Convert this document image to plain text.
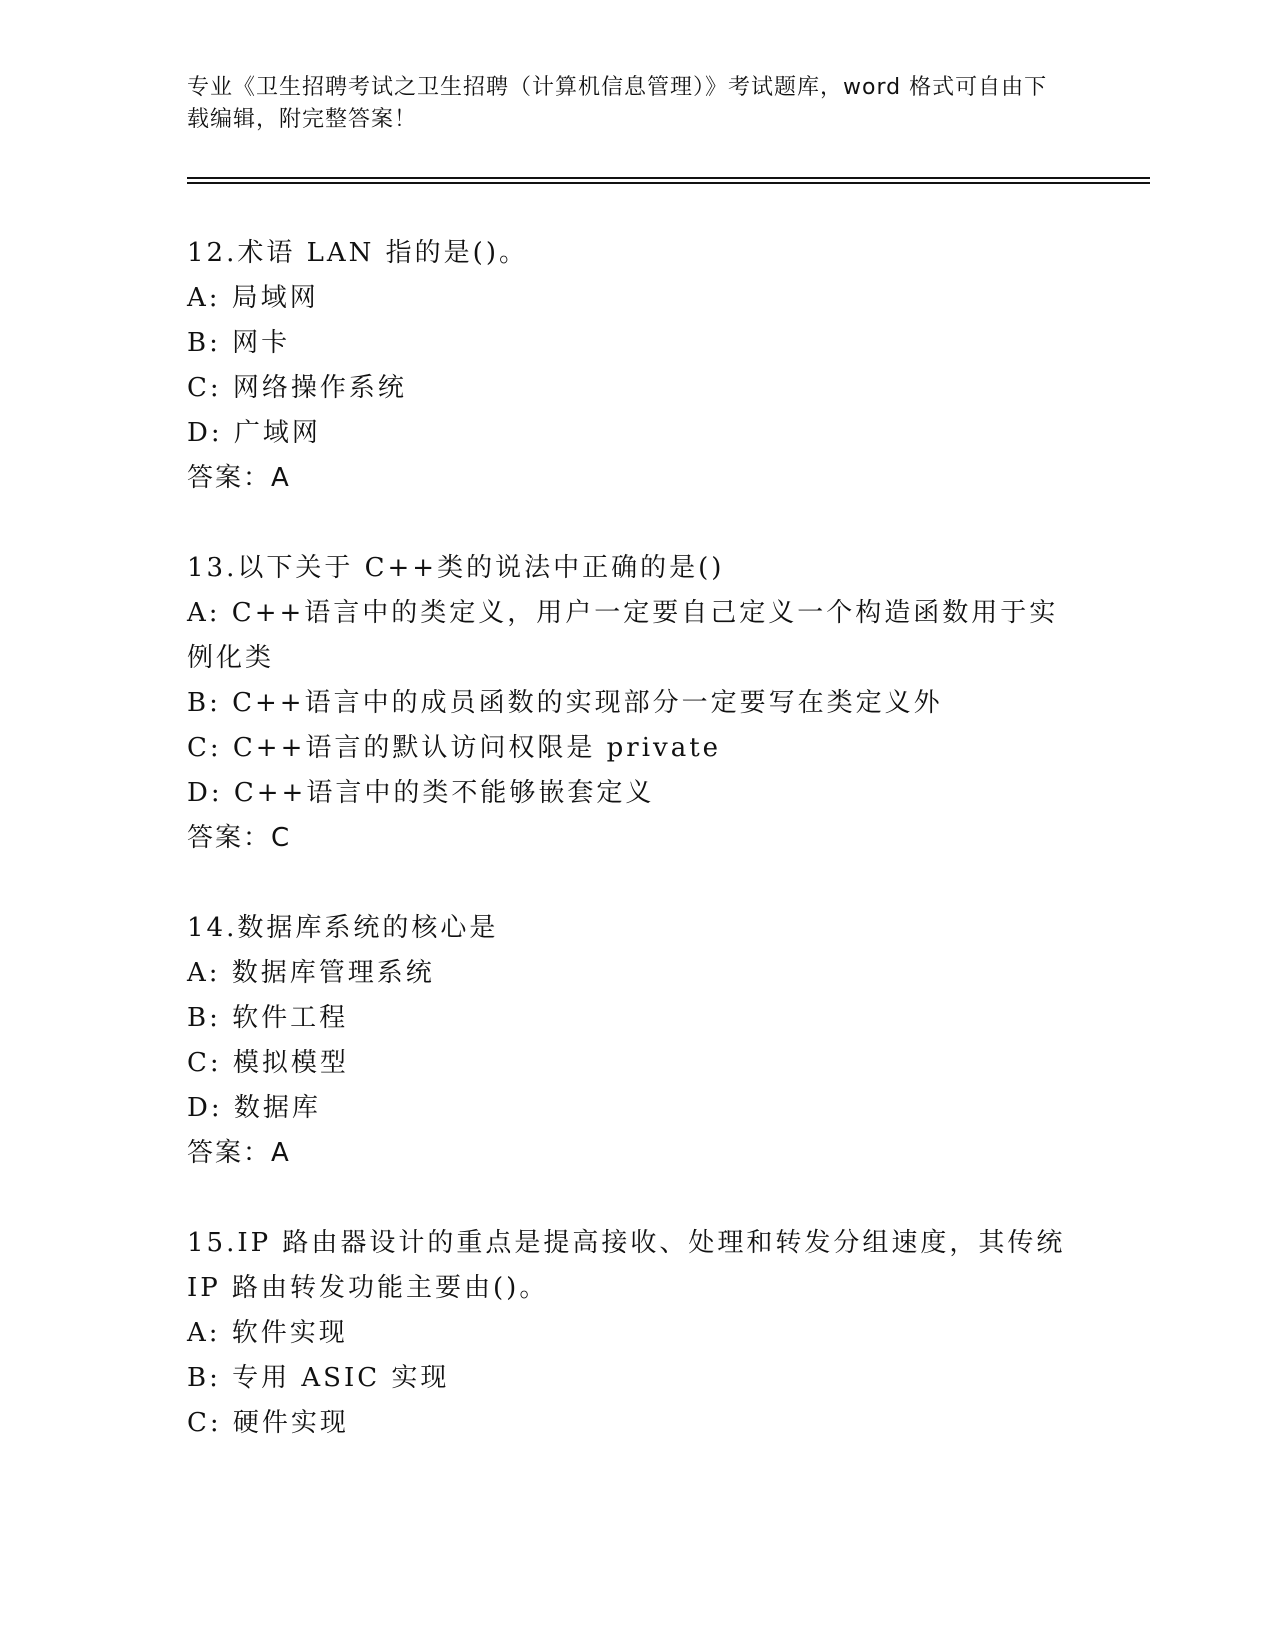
专业《卫生招聘考试之卫生招聘（计算机信息管理）》考试题库，word 格式可自由下载编辑，附完整答案！
12.术语 LAN 指的是()。
A: 局域网
B: 网卡
C: 网络操作系统
D: 广域网
答案：A
13.以下关于 C++类的说法中正确的是()
A: C++语言中的类定义，用户一定要自己定义一个构造函数用于实例化类
B: C++语言中的成员函数的实现部分一定要写在类定义外
C: C++语言的默认访问权限是 private
D: C++语言中的类不能够嵌套定义
答案：C
14.数据库系统的核心是
A: 数据库管理系统
B: 软件工程
C: 模拟模型
D: 数据库
答案：A
15.IP 路由器设计的重点是提高接收、处理和转发分组速度，其传统 IP 路由转发功能主要由()。
A: 软件实现
B: 专用 ASIC 实现
C: 硬件实现
